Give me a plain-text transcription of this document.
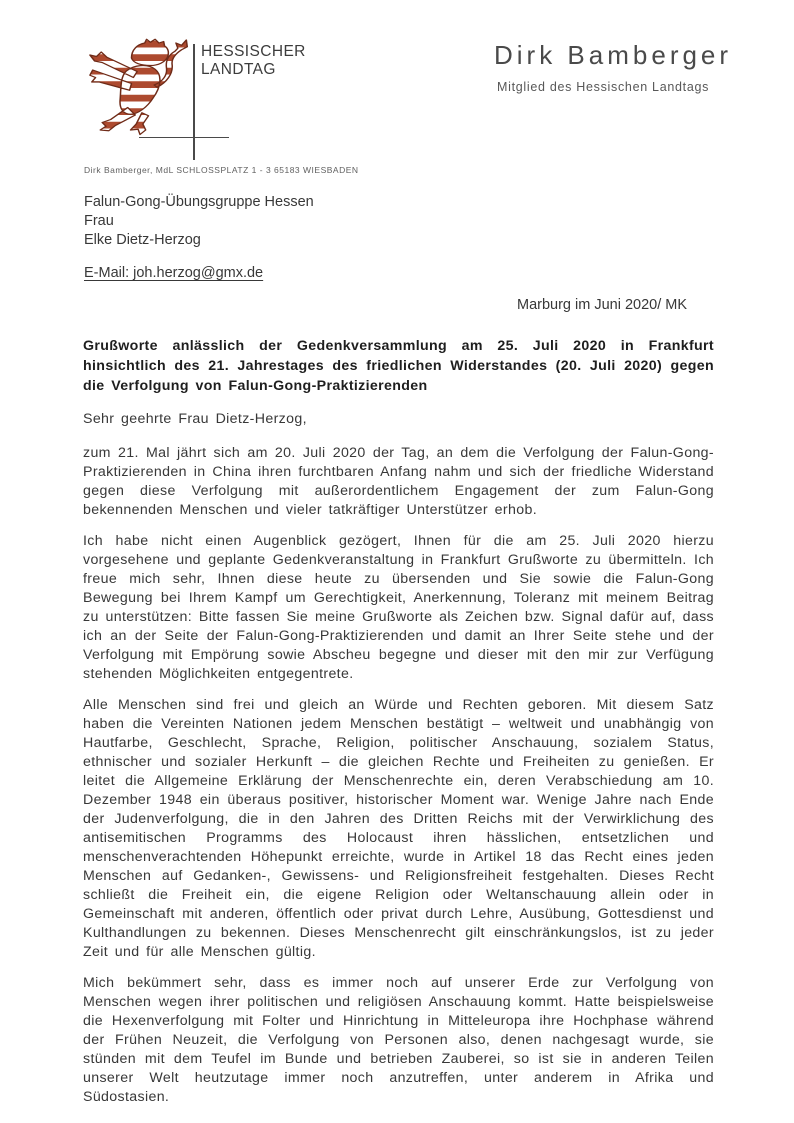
HESSISCHER
LANDTAG	Dirk Bamberger
Mitglied des Hessischen Landtags
Dirk Bamberger, MdL SCHLOSSPLATZ 1 - 3 65183 WIESBADEN
Falun-Gong-Übungsgruppe Hessen
Frau
Elke Dietz-Herzog
E-Mail: joh.herzog@gmx.de
Marburg im Juni 2020/ MK

Grußworte anlässlich der Gedenkversammlung am 25. Juli 2020 in Frankfurt hinsichtlich des 21. Jahrestages des friedlichen Widerstandes (20. Juli 2020) gegen die Verfolgung von Falun-Gong-Praktizierenden

Sehr geehrte Frau Dietz-Herzog,

zum 21. Mal jährt sich am 20. Juli 2020 der Tag, an dem die Verfolgung der Falun-Gong-Praktizierenden in China ihren furchtbaren Anfang nahm und sich der friedliche Widerstand gegen diese Verfolgung mit außerordentlichem Engagement der zum Falun-Gong bekennenden Menschen und vieler tatkräftiger Unterstützer erhob.

Ich habe nicht einen Augenblick gezögert, Ihnen für die am 25. Juli 2020 hierzu vorgesehene und geplante Gedenkveranstaltung in Frankfurt Grußworte zu übermitteln. Ich freue mich sehr, Ihnen diese heute zu übersenden und Sie sowie die Falun-Gong Bewegung bei Ihrem Kampf um Gerechtigkeit, Anerkennung, Toleranz mit meinem Beitrag zu unterstützen: Bitte fassen Sie meine Grußworte als Zeichen bzw. Signal dafür auf, dass ich an der Seite der Falun-Gong-Praktizierenden und damit an Ihrer Seite stehe und der Verfolgung mit Empörung sowie Abscheu begegne und dieser mit den mir zur Verfügung stehenden Möglichkeiten entgegentrete.

Alle Menschen sind frei und gleich an Würde und Rechten geboren. Mit diesem Satz haben die Vereinten Nationen jedem Menschen bestätigt – weltweit und unabhängig von Hautfarbe, Geschlecht, Sprache, Religion, politischer Anschauung, sozialem Status, ethnischer und sozialer Herkunft – die gleichen Rechte und Freiheiten zu genießen. Er leitet die Allgemeine Erklärung der Menschenrechte ein, deren Verabschiedung am 10. Dezember 1948 ein überaus positiver, historischer Moment war. Wenige Jahre nach Ende der Judenverfolgung, die in den Jahren des Dritten Reichs mit der Verwirklichung des antisemitischen Programms des Holocaust ihren hässlichen, entsetzlichen und menschenverachtenden Höhepunkt erreichte, wurde in Artikel 18 das Recht eines jeden Menschen auf Gedanken-, Gewissens- und Religionsfreiheit festgehalten. Dieses Recht schließt die Freiheit ein, die eigene Religion oder Weltanschauung allein oder in Gemeinschaft mit anderen, öffentlich oder privat durch Lehre, Ausübung, Gottesdienst und Kulthandlungen zu bekennen. Dieses Menschenrecht gilt einschränkungslos, ist zu jeder Zeit und für alle Menschen gültig.

Mich bekümmert sehr, dass es immer noch auf unserer Erde zur Verfolgung von Menschen wegen ihrer politischen und religiösen Anschauung kommt. Hatte beispielsweise die Hexenverfolgung mit Folter und Hinrichtung in Mitteleuropa ihre Hochphase während der Frühen Neuzeit, die Verfolgung von Personen also, denen nachgesagt wurde, sie stünden mit dem Teufel im Bunde und betrieben Zauberei, so ist sie in anderen Teilen unserer Welt heutzutage immer noch anzutreffen, unter anderem in Afrika und Südostasien.
